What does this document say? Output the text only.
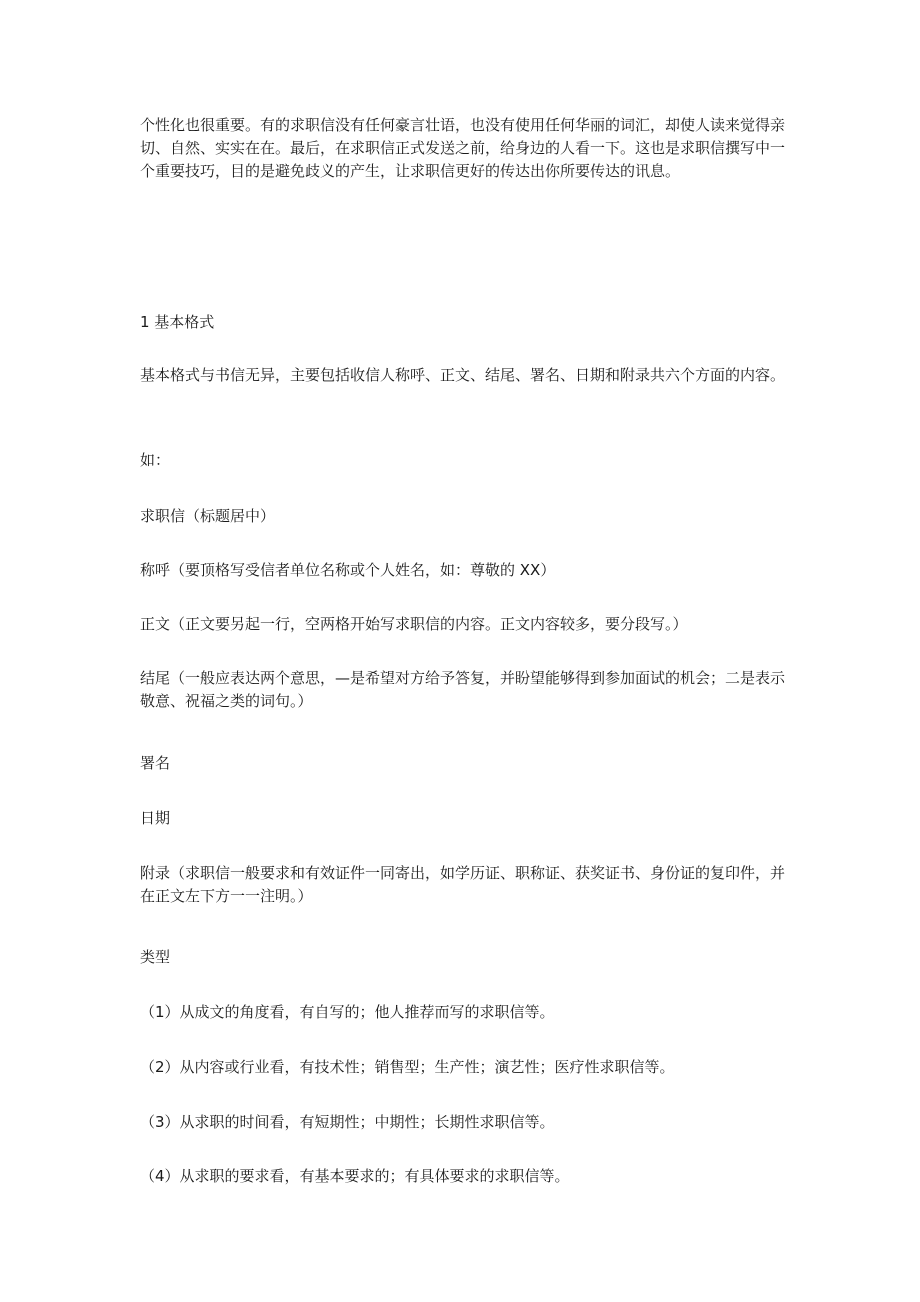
个性化也很重要。有的求职信没有任何豪言壮语，也没有使用任何华丽的词汇，却使人读来觉得亲切、自然、实实在在。最后，在求职信正式发送之前，给身边的人看一下。这也是求职信撰写中一个重要技巧，目的是避免歧义的产生，让求职信更好的传达出你所要传达的讯息。

1 基本格式

基本格式与书信无异，主要包括收信人称呼、正文、结尾、署名、日期和附录共六个方面的内容。

如：

求职信（标题居中）

称呼（要顶格写受信者单位名称或个人姓名，如：尊敬的 XX）

正文（正文要另起一行，空两格开始写求职信的内容。正文内容较多，要分段写。）

结尾（一般应表达两个意思，—是希望对方给予答复，并盼望能够得到参加面试的机会；二是表示敬意、祝福之类的词句。）

署名

日期

附录（求职信一般要求和有效证件一同寄出，如学历证、职称证、获奖证书、身份证的复印件，并在正文左下方一一注明。）

类型

（1）从成文的角度看，有自写的；他人推荐而写的求职信等。

（2）从内容或行业看，有技术性；销售型；生产性；演艺性；医疗性求职信等。

（3）从求职的时间看，有短期性；中期性；长期性求职信等。

（4）从求职的要求看，有基本要求的；有具体要求的求职信等。
